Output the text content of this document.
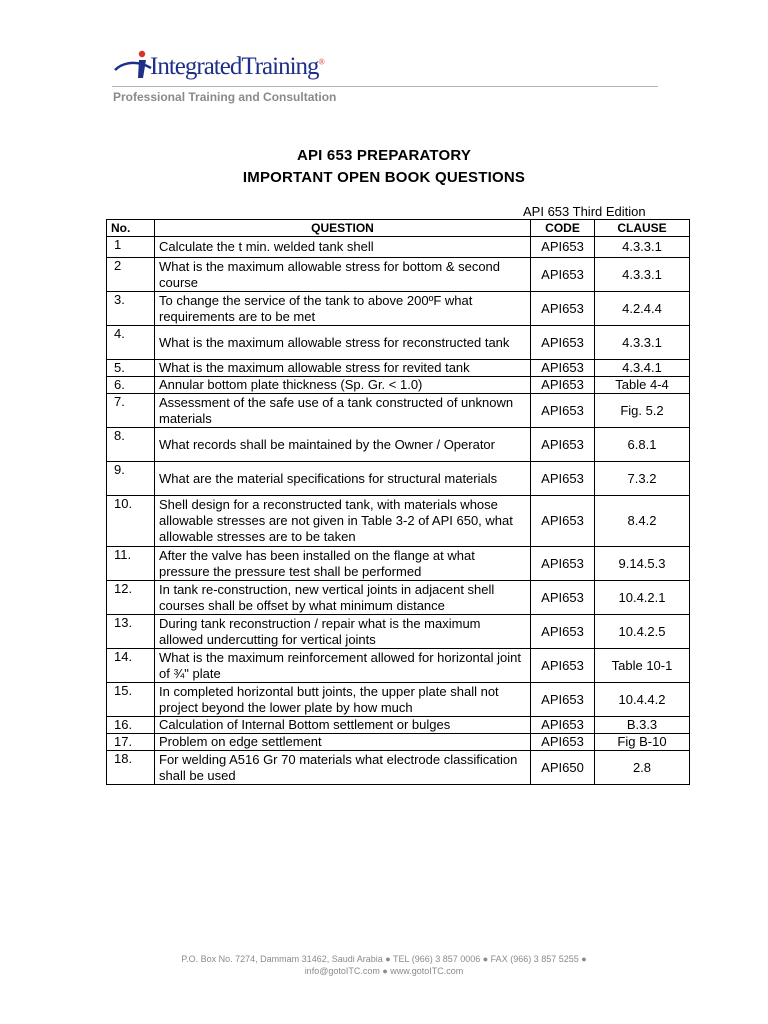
IntegratedTraining®
Professional Training and Consultation
API 653 PREPARATORY
IMPORTANT OPEN BOOK QUESTIONS
API 653 Third Edition
No.	QUESTION	CODE	CLAUSE
1	Calculate the t min. welded tank shell	API653	4.3.3.1
2	What is the maximum allowable stress for bottom & second course	API653	4.3.3.1
3.	To change the service of the tank to above 200ºF what requirements are to be met	API653	4.2.4.4
4.	What is the maximum allowable stress for reconstructed tank	API653	4.3.3.1
5.	What is the maximum allowable stress for revited tank	API653	4.3.4.1
6.	Annular bottom plate thickness (Sp. Gr. < 1.0)	API653	Table 4-4
7.	Assessment of the safe use of a tank constructed of unknown materials	API653	Fig. 5.2
8.	What records shall be maintained by the Owner / Operator	API653	6.8.1
9.	What are the material specifications for structural materials	API653	7.3.2
10.	Shell design for a reconstructed tank, with materials whose allowable stresses are not given in Table 3-2 of API 650, what allowable stresses are to be taken	API653	8.4.2
11.	After the valve has been installed on the flange at what pressure the pressure test shall be performed	API653	9.14.5.3
12.	In tank re-construction, new vertical joints in adjacent shell courses shall be offset by what minimum distance	API653	10.4.2.1
13.	During tank reconstruction / repair what is the maximum allowed undercutting for vertical joints	API653	10.4.2.5
14.	What is the maximum reinforcement allowed for horizontal joint of ¾" plate	API653	Table 10-1
15.	In completed horizontal butt joints, the upper plate shall not project beyond the lower plate by how much	API653	10.4.4.2
16.	Calculation of Internal Bottom settlement or bulges	API653	B.3.3
17.	Problem on edge settlement	API653	Fig B-10
18.	For welding A516 Gr 70 materials what electrode classification shall be used	API650	2.8
P.O. Box No. 7274, Dammam 31462, Saudi Arabia ● TEL (966) 3 857 0006 ● FAX (966) 3 857 5255 ●
info@gotoITC.com ● www.gotoITC.com
